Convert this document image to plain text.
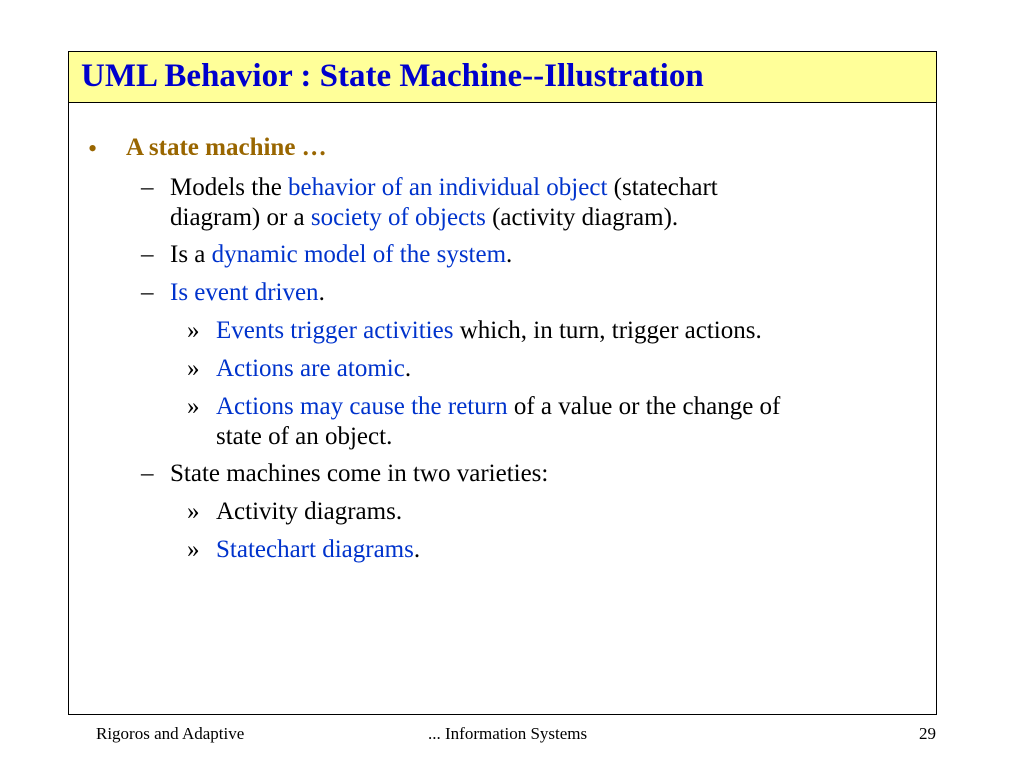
UML Behavior : State Machine--Illustration
• A state machine …
– Models the behavior of an individual object (statechart
diagram) or a society of objects (activity diagram).
– Is a dynamic model of the system.
– Is event driven.
» Events trigger activities which, in turn, trigger actions.
» Actions are atomic.
» Actions may cause the return of a value or the change of
state of an object.
– State machines come in two varieties:
» Activity diagrams.
» Statechart diagrams.
Rigoros and Adaptive	... Information Systems	29
